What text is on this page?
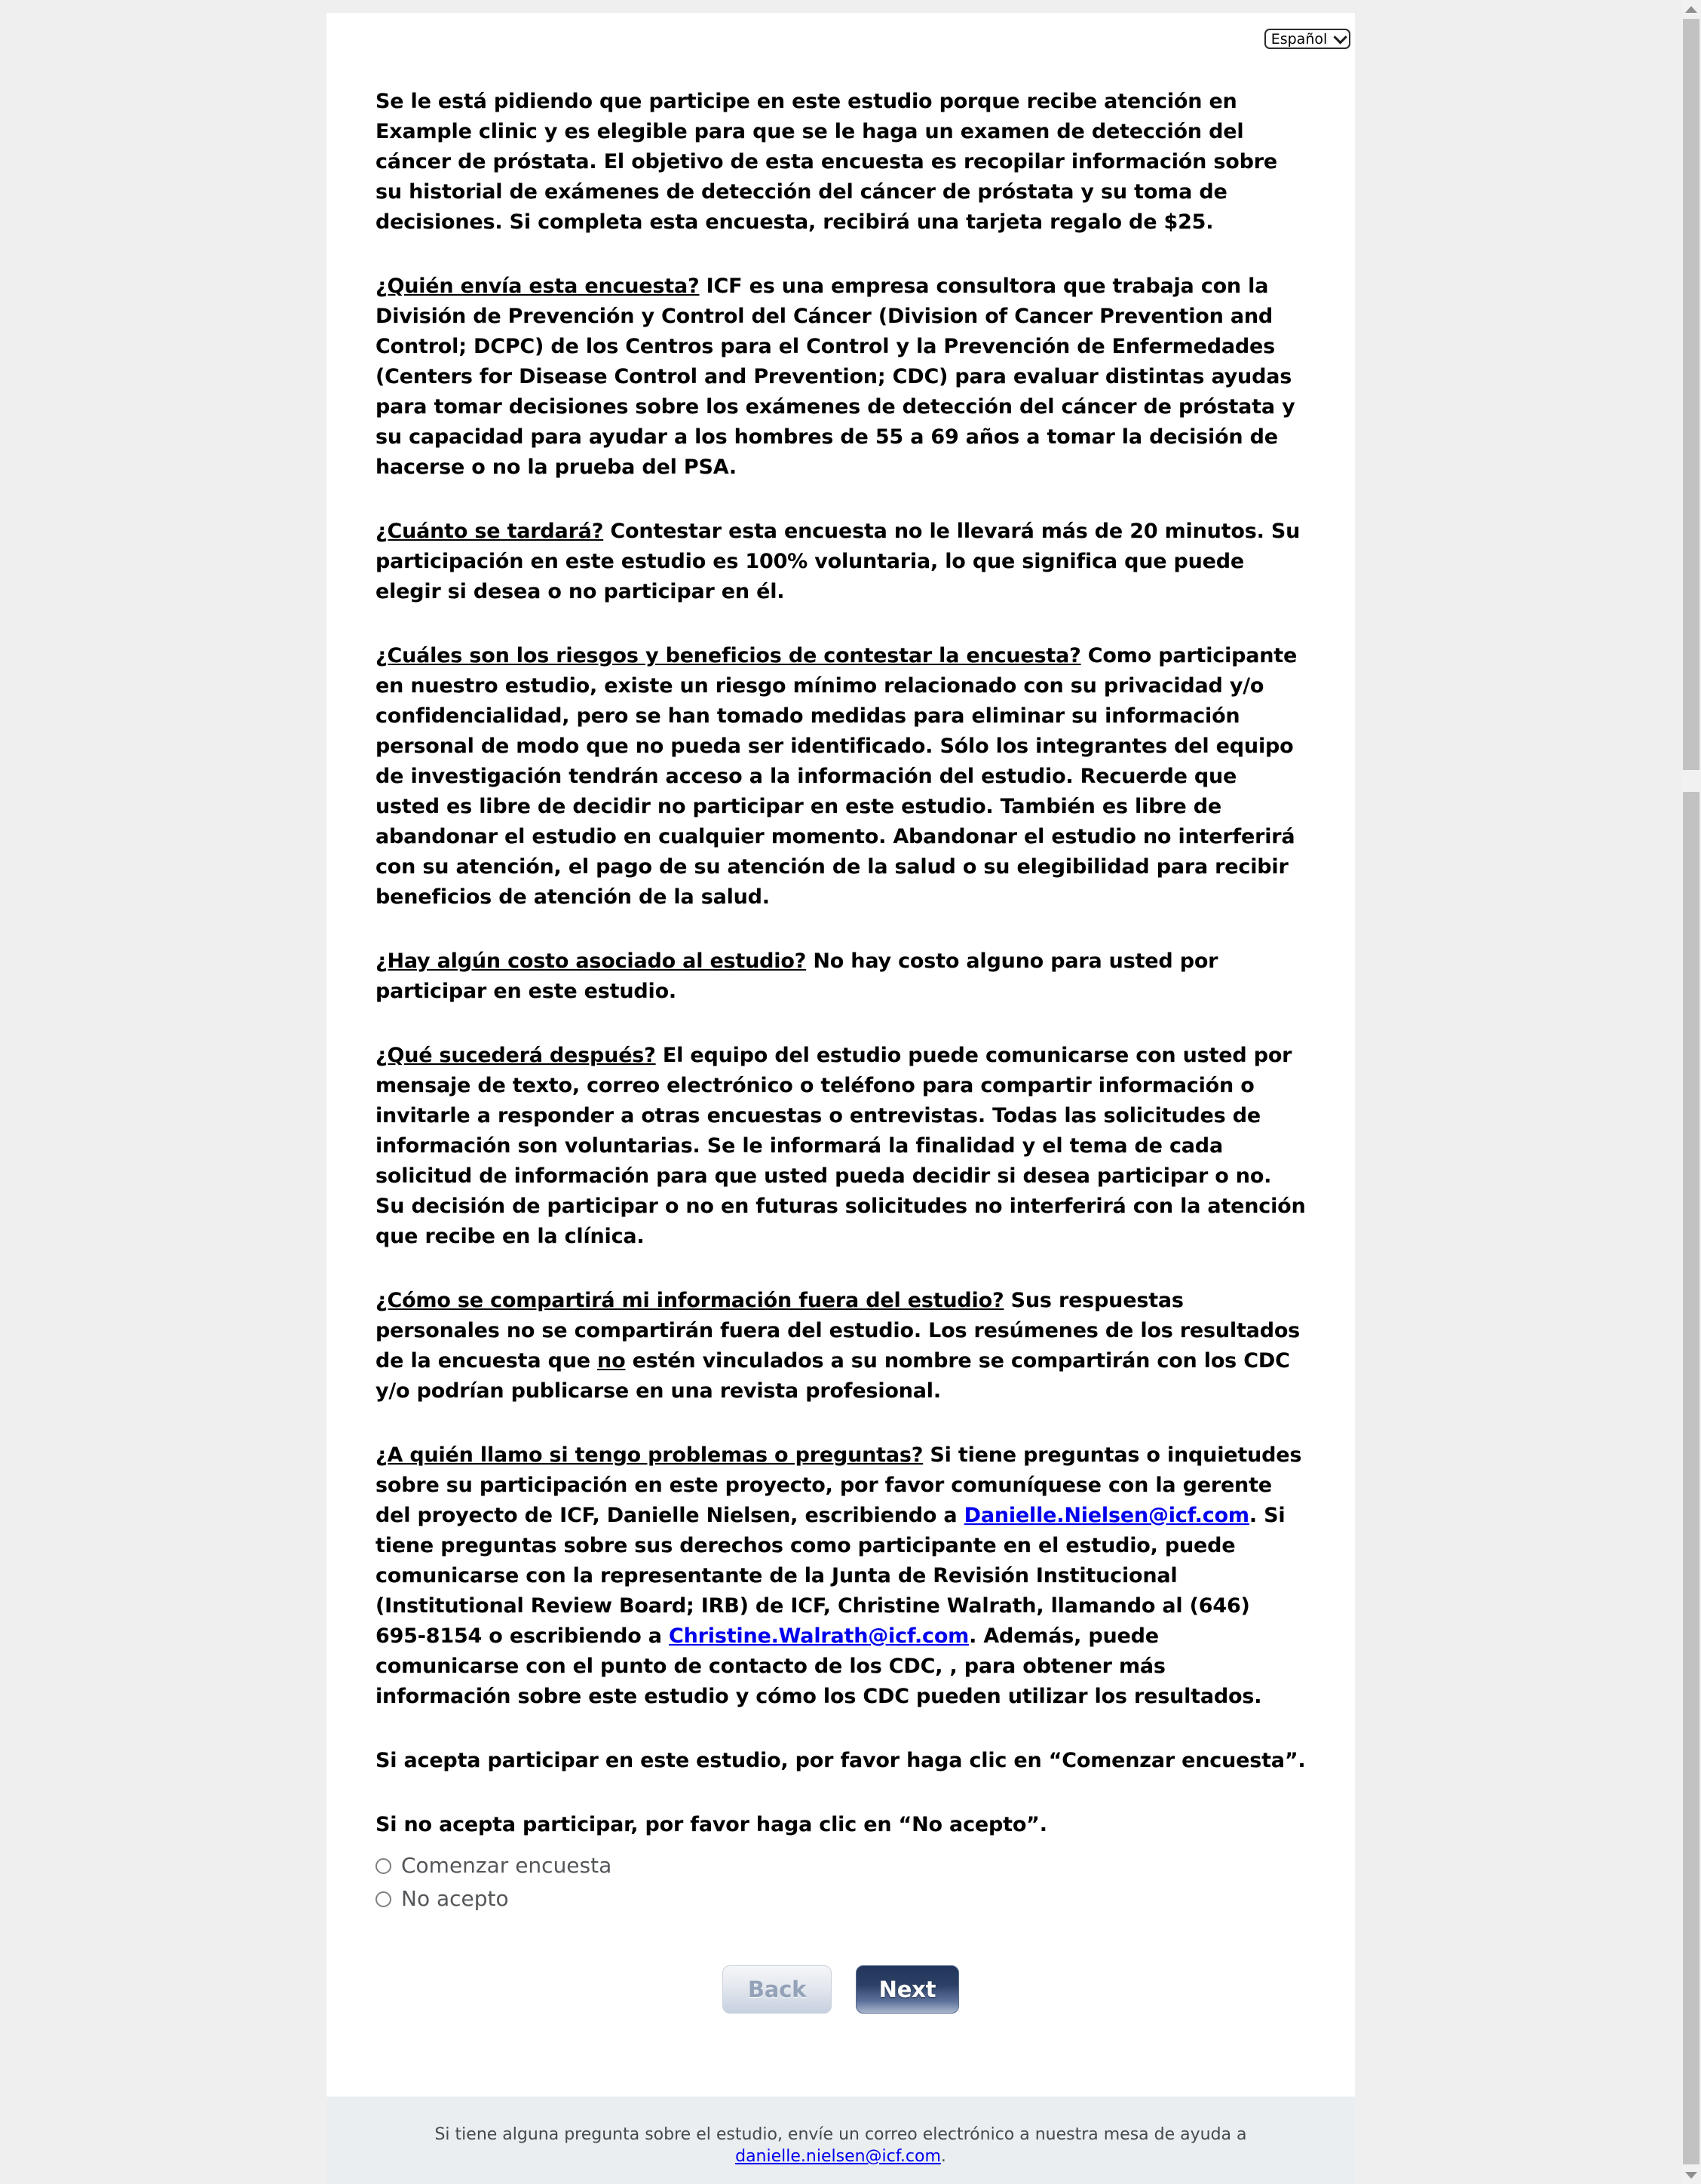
Español

Se le está pidiendo que participe en este estudio porque recibe atención en Example clinic y es elegible para que se le haga un examen de detección del cáncer de próstata. El objetivo de esta encuesta es recopilar información sobre su historial de exámenes de detección del cáncer de próstata y su toma de decisiones. Si completa esta encuesta, recibirá una tarjeta regalo de $25.

¿Quién envía esta encuesta? ICF es una empresa consultora que trabaja con la División de Prevención y Control del Cáncer (Division of Cancer Prevention and Control; DCPC) de los Centros para el Control y la Prevención de Enfermedades (Centers for Disease Control and Prevention; CDC) para evaluar distintas ayudas para tomar decisiones sobre los exámenes de detección del cáncer de próstata y su capacidad para ayudar a los hombres de 55 a 69 años a tomar la decisión de hacerse o no la prueba del PSA.

¿Cuánto se tardará? Contestar esta encuesta no le llevará más de 20 minutos. Su participación en este estudio es 100% voluntaria, lo que significa que puede elegir si desea o no participar en él.

¿Cuáles son los riesgos y beneficios de contestar la encuesta? Como participante en nuestro estudio, existe un riesgo mínimo relacionado con su privacidad y/o confidencialidad, pero se han tomado medidas para eliminar su información personal de modo que no pueda ser identificado. Sólo los integrantes del equipo de investigación tendrán acceso a la información del estudio. Recuerde que usted es libre de decidir no participar en este estudio. También es libre de abandonar el estudio en cualquier momento. Abandonar el estudio no interferirá con su atención, el pago de su atención de la salud o su elegibilidad para recibir beneficios de atención de la salud.

¿Hay algún costo asociado al estudio? No hay costo alguno para usted por participar en este estudio.

¿Qué sucederá después? El equipo del estudio puede comunicarse con usted por mensaje de texto, correo electrónico o teléfono para compartir información o invitarle a responder a otras encuestas o entrevistas. Todas las solicitudes de información son voluntarias. Se le informará la finalidad y el tema de cada solicitud de información para que usted pueda decidir si desea participar o no. Su decisión de participar o no en futuras solicitudes no interferirá con la atención que recibe en la clínica.

¿Cómo se compartirá mi información fuera del estudio? Sus respuestas personales no se compartirán fuera del estudio. Los resúmenes de los resultados de la encuesta que no estén vinculados a su nombre se compartirán con los CDC y/o podrían publicarse en una revista profesional.

¿A quién llamo si tengo problemas o preguntas? Si tiene preguntas o inquietudes sobre su participación en este proyecto, por favor comuníquese con la gerente del proyecto de ICF, Danielle Nielsen, escribiendo a Danielle.Nielsen@icf.com. Si tiene preguntas sobre sus derechos como participante en el estudio, puede comunicarse con la representante de la Junta de Revisión Institucional (Institutional Review Board; IRB) de ICF, Christine Walrath, llamando al (646) 695-8154 o escribiendo a Christine.Walrath@icf.com. Además, puede comunicarse con el punto de contacto de los CDC, , para obtener más información sobre este estudio y cómo los CDC pueden utilizar los resultados.

Si acepta participar en este estudio, por favor haga clic en “Comenzar encuesta”.

Si no acepta participar, por favor haga clic en “No acepto”.

Comenzar encuesta
No acepto
Back	Next
Si tiene alguna pregunta sobre el estudio, envíe un correo electrónico a nuestra mesa de ayuda a
danielle.nielsen@icf.com.
